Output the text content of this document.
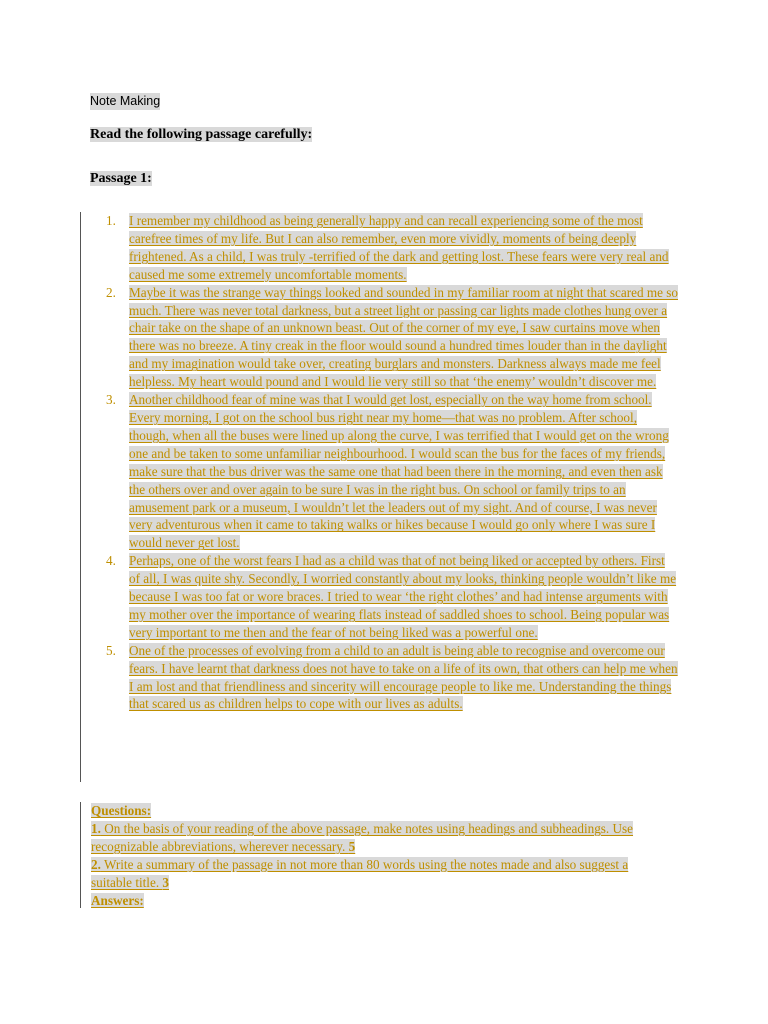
Note Making
Read the following passage carefully:
Passage 1:
1. I remember my childhood as being generally happy and can recall experiencing some of the most carefree times of my life. But I can also remember, even more vividly, moments of being deeply frightened. As a child, I was truly -terrified of the dark and getting lost. These fears were very real and caused me some extremely uncomfortable moments.
2. Maybe it was the strange way things looked and sounded in my familiar room at night that scared me so much. There was never total darkness, but a street light or passing car lights made clothes hung over a chair take on the shape of an unknown beast. Out of the corner of my eye, I saw curtains move when there was no breeze. A tiny creak in the floor would sound a hundred times louder than in the daylight and my imagination would take over, creating burglars and monsters. Darkness always made me feel helpless. My heart would pound and I would lie very still so that ‘the enemy’ wouldn’t discover me.
3. Another childhood fear of mine was that I would get lost, especially on the way home from school. Every morning, I got on the school bus right near my home—that was no problem. After school, though, when all the buses were lined up along the curve, I was terrified that I would get on the wrong one and be taken to some unfamiliar neighbourhood. I would scan the bus for the faces of my friends, make sure that the bus driver was the same one that had been there in the morning, and even then ask the others over and over again to be sure I was in the right bus. On school or family trips to an amusement park or a museum, I wouldn’t let the leaders out of my sight. And of course, I was never very adventurous when it came to taking walks or hikes because I would go only where I was sure I would never get lost.
4. Perhaps, one of the worst fears I had as a child was that of not being liked or accepted by others. First of all, I was quite shy. Secondly, I worried constantly about my looks, thinking people wouldn’t like me because I was too fat or wore braces. I tried to wear ‘the right clothes’ and had intense arguments with my mother over the importance of wearing flats instead of saddled shoes to school. Being popular was very important to me then and the fear of not being liked was a powerful one.
5. One of the processes of evolving from a child to an adult is being able to recognise and overcome our fears. I have learnt that darkness does not have to take on a life of its own, that others can help me when I am lost and that friendliness and sincerity will encourage people to like me. Understanding the things that scared us as children helps to cope with our lives as adults.
Questions:
1. On the basis of your reading of the above passage, make notes using headings and subheadings. Use recognizable abbreviations, wherever necessary. 5
2. Write a summary of the passage in not more than 80 words using the notes made and also suggest a suitable title. 3
Answers:
